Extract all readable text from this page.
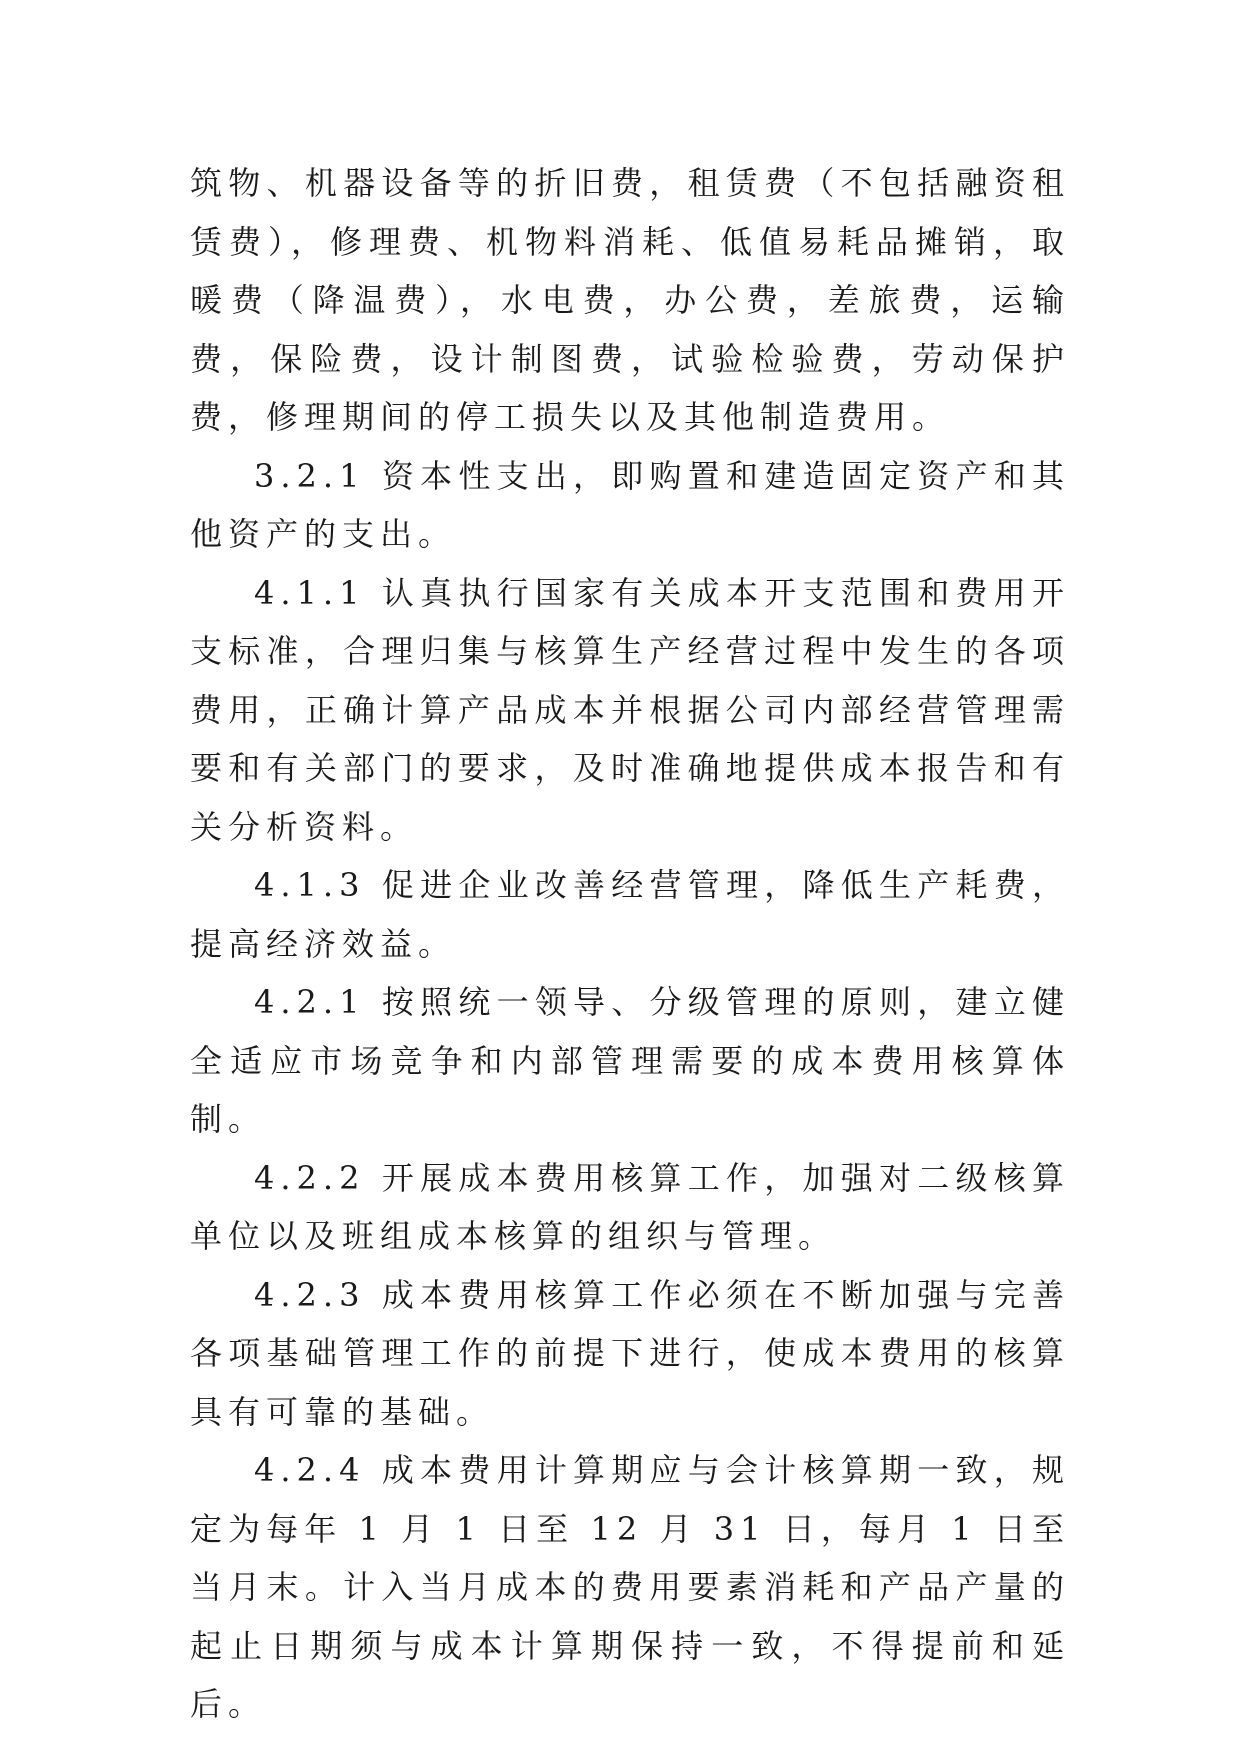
筑物、机器设备等的折旧费，租赁费（不包括融资租赁费），修理费、机物料消耗、低值易耗品摊销，取暖费（降温费），水电费，办公费，差旅费，运输费，保险费，设计制图费，试验检验费，劳动保护费，修理期间的停工损失以及其他制造费用。

3.2.1 资本性支出，即购置和建造固定资产和其他资产的支出。

4.1.1 认真执行国家有关成本开支范围和费用开支标准，合理归集与核算生产经营过程中发生的各项费用，正确计算产品成本并根据公司内部经营管理需要和有关部门的要求，及时准确地提供成本报告和有关分析资料。

4.1.3 促进企业改善经营管理，降低生产耗费，提高经济效益。

4.2.1 按照统一领导、分级管理的原则，建立健全适应市场竞争和内部管理需要的成本费用核算体制。

4.2.2 开展成本费用核算工作，加强对二级核算单位以及班组成本核算的组织与管理。

4.2.3 成本费用核算工作必须在不断加强与完善各项基础管理工作的前提下进行，使成本费用的核算具有可靠的基础。

4.2.4 成本费用计算期应与会计核算期一致，规定为每年 1 月 1 日至 12 月 31 日，每月 1 日至当月末。计入当月成本的费用要素消耗和产品产量的起止日期须与成本计算期保持一致，不得提前和延后。
